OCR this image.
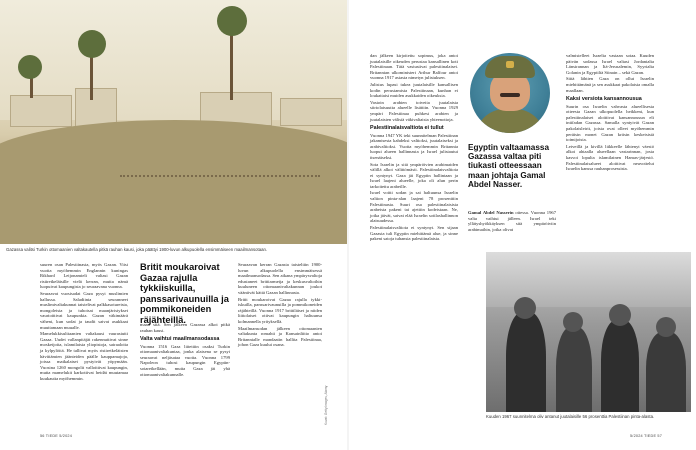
Gazassa valitsi Turkin ottomaanien valtakautella pitkä rauhan kausi, joka päättyi 1900-luvun alkupuolella ensimmäiseen maailmansotaan.

suuren osan Palestiinasta, myös Gazan. Viisi vuotta myöhemmin Englannin kuningas Rikhard Leijonamieli valtasi Gazan ristiretkeläisille vielä kerran, mutta nämä luopuivat kaupungista jo seuraavana vuonna.

Seuraavat vuosisadat Gaza pysyi muslimien hallussa. Saladiinia seuranneet muslimivaltakunnat taistelivat palkkasotureista, mongoleista ja tuhoisat maanjäristykset vaurioittivat kaupunkia. Gazan väkimäärä väheni, kun sodat ja taudit saivat asukkaat muuttamaan muualle.

Mamelukkisulttaanien valtakausi vaurastutti Gazaa. Uudet vallanpitäjät rakennuttivat sinne moskeijoita, islamilaisia yliopistoja, sairaaloita ja kylpylöitä. He tallivat myös ristiretkeläisten hävittämien jäänteiden päälle kauppamajoja, joissa matkalaiset pystyivät yöpymään. Vuosina 1260 mongolit valloittivat kaupungin, mutta mamelukit karkottivat heidät muutamaa kuukautta myöhemmin.

Britit moukaroivat Gazaa rajulla tykkiiskuilla, panssarivaunuilla ja pommikoneiden räjähteillä.

maan sitä. Sen jälkeen Gazassa alkoi pitkä rauhan kausi.

Valta vaihtui maailmansodassa

Vuonna 1516 Gaza liitettiin osaksi Turkin ottomaanivaltakuntaa, jonka alaisena se pysyi seuraavat neljäsataa vuotta. Vuonna 1799 Napoleon tuhosi kaupungin Egyptin-sotaretkellään, mutta Gaza jäi yhä ottomaanivaltakunnalle.

Seuraavan kerran Gazasta taisteltiin 1900-luvun alkupuolella ensimmäisessä maailmansodassa. Sen aikana ympärysvaltoja edustaneet brittiarmeija ja keskusvaltoihin kuuluneen ottomaanivaltakunnan joukot vääntivät kättä Gazan hallinnasta.

Britit moukaroivat Gazaa rajulla tykki-iskuilla, panssarivaunuilla ja pommikoneiden räjähteillä. Vuonna 1917 brittiläiset ja niiden liittolaiset ottivat kaupungin haltuunsa kolmannella yrityksellä.

Maailmansodan jälkeen ottomaanien valtakunta romahti ja Kansainliitto antoi Britannialle mandaatin hallita Palestiinaa, johon Gaza kuului osana.

Kuvat: Getty Images, Alamy
56 TIEDE 5/2024

dan jälkeen kirjoitettu sopimus, joka antoi juutalaisille oikeuden perustaa kansallinen koti Palestiinaan. Tätä vastustivat palestiinalaiset. Britannian ulkoministeri Arthur Balfour antoi vuonna 1917 asiasta nimetyn julistuksen.

Julistus lupasi tukea juutalaisille kansallisen kodin perustamista Palestiinaan, kunhan ei loukattaisi muiden asukkaiden oikeuksia.

Vastoin arabien toiveita juutalaista siirtolaisuutta alueelle lisättiin. Vuonna 1929 ympäri Palestiinaa puhkesi arabien ja juutalaisten välisiä väkivaltaisia yhteenottoja.

Palestiinalaisvaltiota ei tullut

Vuonna 1947 YK teki suunnitelman Palestiinan jakamisesta kahdeksi valtioksi, juutalaiseksi ja arabivaltioksi. Vuotta myöhemmin Britannia luopui alueen hallinnasta ja Israel julistautui itsenäiseksi.

Sota Israelin ja sitä ympäröivien arabimaiden välillä alkoi välittömästi. Palestiinalaisvaltiota ei syntynyt. Gaza jäi Egyptin hallintaan ja Israel laajeni alueelle, joka oli alun perin tarkoitettu arabeille.

Israel voitti sodan ja sai haltuunsa Israelin valtion pinta-alan laajeni 78 prosenttiin Palestiinasta. Suuri osa palestiinalaisista arabeista pakeni tai ajettiin kodeistaan. Ne, jotka jäivät, saivat elää Israelin sotilashallinnon alaisuudessa.

Palestiinalaisvaltiota ei syntynyt. Sen sijaan Gazasta tuli Egyptin miehittämä alue, ja sinne pakeni satoja tuhansia palestiinalaisia.

Egyptin valtaamassa Gazassa valtaa piti tiukasti otteessaan maan johtaja Gamal Abdel Nasser.

Gamal Abdel Nasserin ottessa. Vuonna 1967 valta vaihtui jälleen. Israel teki yllätyshyökkäyksen sitä ympäröiviin arabimaihin, jotka olivat

valmistelleet Israelia vastaan sotaa. Kuuden päivän sodassa Israel valtasi Jordanialta Länsirannan ja Itä-Jerusalemin, Syyrialta Golanin ja Egyptiltä Siinain – sekä Gazan.

Siitä lähtien Gaza on ollut Israelin miehittämänä ja sen asukkaat pakolaisia omalla maallaan.

Kaksi versiota kansannousua

Suurin osa Israelin vahvasta alueellisesta otteesta Gazan ulkopuolella heikkeni, kun palestiinalaiset aloittivat kansannousun eli intifadan Gazassa. Samalla syntyivät Gazan pakolaisleirit, joista ovat olleet myöhemmin peräisin monet Gazan kriisin keskeisistä toimijoista.

Leiveillä ja kivillä liikkeelle lähtenyt väestö alkoi ahtaalla alueellaan vastarinnan, josta kasvoi lopulta islamilainen Hamas-järjestö. Palestiinalaisalueet aloittivat neuvottelut Israelin kanssa rauhanprosessista.

Kuuden 1967 suunnitelma oliv antanut juutalaisille 56 prosenttia Palestiinan pinta-alasta.
5/2024 TIEDE 57
